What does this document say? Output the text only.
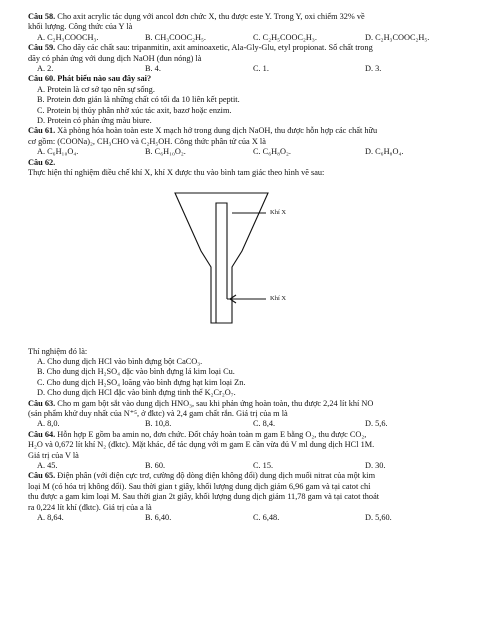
Câu 58. Cho axit acrylic tác dụng với ancol đơn chức X, thu được este Y. Trong Y, oxi chiếm 32% về
khối lượng. Công thức của Y là
A. C₂H₃COOCH₃.	B. CH₃COOC₂H₅.	C. C₂H₅COOC₂H₃.	D. C₂H₃COOC₂H₅.
Câu 59. Cho dãy các chất sau: tripanmitin, axit aminoaxetic, Ala-Gly-Glu, etyl propionat. Số chất trong
dãy có phản ứng với dung dịch NaOH (đun nóng) là
A. 2.	B. 4.	C. 1.	D. 3.
Câu 60. Phát biểu nào sau đây sai?
A. Protein là cơ sở tạo nên sự sống.
B. Protein đơn giản là những chất có tối đa 10 liên kết peptit.
C. Protein bị thủy phân nhờ xúc tác axit, bazơ hoặc enzim.
D. Protein có phản ứng màu biure.
Câu 61. Xà phòng hóa hoàn toàn este X mạch hở trong dung dịch NaOH, thu được hỗn hợp các chất hữu
cơ gồm: (COONa)₂, CH₃CHO và C₂H₅OH. Công thức phân tử của X là
A. C₆H₁₀O₄.	B. C₆H₁₀O₂.	C. C₆H₈O₂.	D. C₆H₈O₄.
Câu 62.
Thực hiện thí nghiệm điều chế khí X, khí X được thu vào bình tam giác theo hình vẽ sau:
Khí X
Khí X
Thí nghiệm đó là:
A. Cho dung dịch HCl vào bình đựng bột CaCO₃.
B. Cho dung dịch H₂SO₄ đặc vào bình đựng lá kim loại Cu.
C. Cho dung dịch H₂SO₄ loãng vào bình đựng hạt kim loại Zn.
D. Cho dung dịch HCl đặc vào bình đựng tinh thể K₂Cr₂O₇.
Câu 63. Cho m gam bột sắt vào dung dịch HNO₃, sau khi phản ứng hoàn toàn, thu được 2,24 lít khí NO
(sản phẩm khử duy nhất của N⁺⁵, ở đktc) và 2,4 gam chất rắn. Giá trị của m là
A. 8,0.	B. 10,8.	C. 8,4.	D. 5,6.
Câu 64. Hỗn hợp E gồm ba amin no, đơn chức. Đốt cháy hoàn toàn m gam E bằng O₂, thu được CO₂,
H₂O và 0,672 lít khí N₂ (đktc). Mặt khác, để tác dụng với m gam E cần vừa đủ V ml dung dịch HCl 1M.
Giá trị của V là
A. 45.	B. 60.	C. 15.	D. 30.
Câu 65. Điện phân (với điện cực trơ, cường độ dòng điện không đổi) dung dịch muối nitrat của một kim
loại M (có hóa trị không đổi). Sau thời gian t giây, khối lượng dung dịch giảm 6,96 gam và tại catot chỉ
thu được a gam kim loại M. Sau thời gian 2t giây, khối lượng dung dịch giảm 11,78 gam và tại catot thoát
ra 0,224 lít khí (đktc). Giá trị của a là
A. 8,64.	B. 6,40.	C. 6,48.	D. 5,60.
